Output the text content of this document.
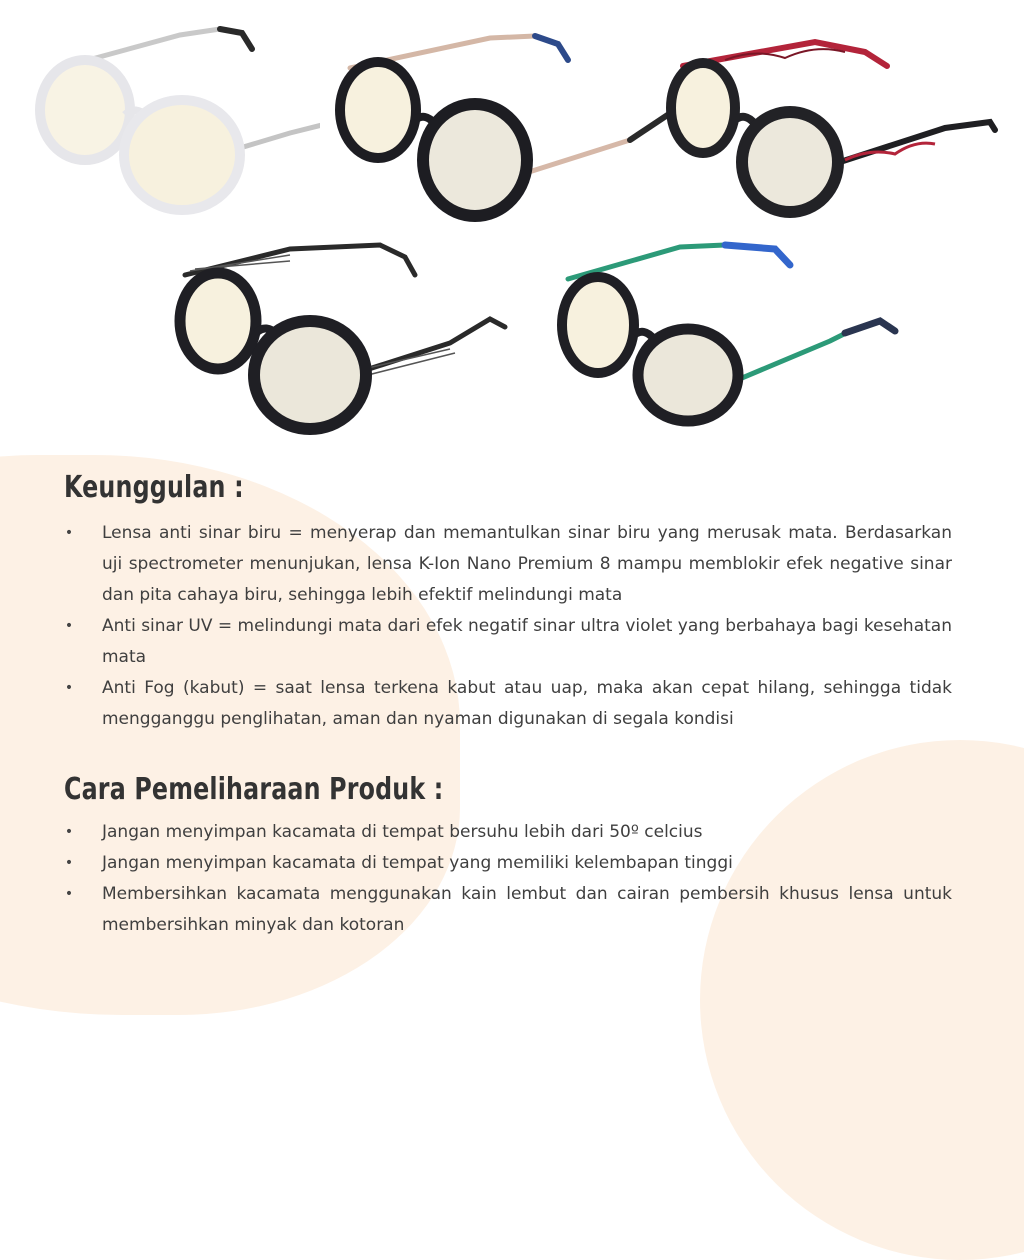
Keunggulan :
• Lensa anti sinar biru = menyerap dan memantulkan sinar biru yang merusak mata. Berdasarkan uji spectrometer menunjukan, lensa K-Ion Nano Premium 8 mampu memblokir efek negative sinar dan pita cahaya biru, sehingga lebih efektif melindungi mata
• Anti sinar UV = melindungi mata dari efek negatif sinar ultra violet yang berbahaya bagi kesehatan mata
• Anti Fog (kabut) = saat lensa terkena kabut atau uap, maka akan cepat hilang, sehingga tidak mengganggu penglihatan, aman dan nyaman digunakan di segala kondisi
Cara Pemeliharaan Produk :
• Jangan menyimpan kacamata di tempat bersuhu lebih dari 50º celcius
• Jangan menyimpan kacamata di tempat yang memiliki kelembapan tinggi
• Membersihkan kacamata menggunakan kain lembut dan cairan pembersih khusus lensa untuk membersihkan minyak dan kotoran
